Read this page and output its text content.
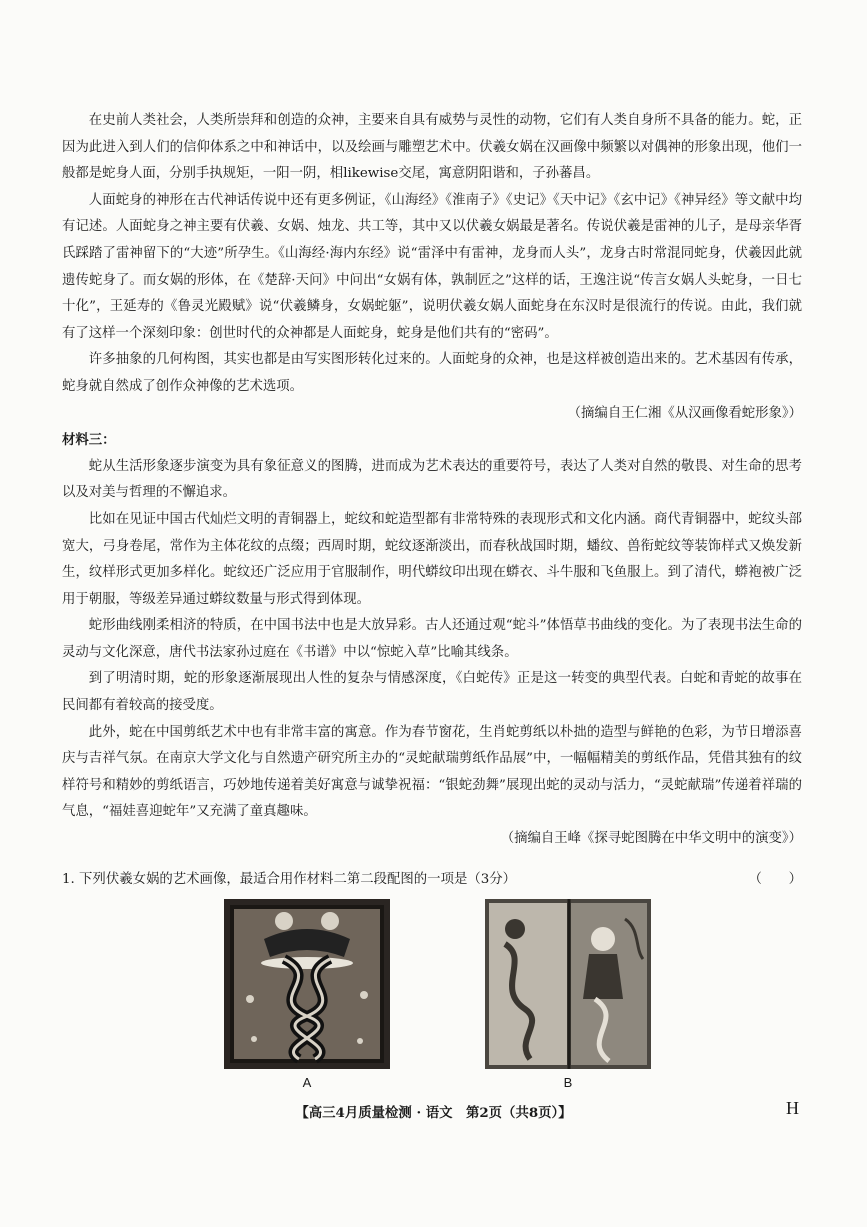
在史前人类社会，人类所崇拜和创造的众神，主要来自具有威势与灵性的动物，它们有人类自身所不具备的能力。蛇，正因为此进入到人们的信仰体系之中和神话中，以及绘画与雕塑艺术中。伏羲女娲在汉画像中频繁以对偶神的形象出现，他们一般都是蛇身人面，分别手执规矩，一阳一阴，相likewise交尾，寓意阴阳谐和，子孙蕃昌。

人面蛇身的神形在古代神话传说中还有更多例证，《山海经》《淮南子》《史记》《天中记》《玄中记》《神异经》等文献中均有记述。人面蛇身之神主要有伏羲、女娲、烛龙、共工等，其中又以伏羲女娲最是著名。传说伏羲是雷神的儿子，是母亲华胥氏踩踏了雷神留下的“大迹”所孕生。《山海经·海内东经》说“雷泽中有雷神，龙身而人头”，龙身古时常混同蛇身，伏羲因此就遗传蛇身了。而女娲的形体，在《楚辞·天问》中问出“女娲有体，孰制匠之”这样的话，王逸注说“传言女娲人头蛇身，一日七十化”，王延寿的《鲁灵光殿赋》说“伏羲鳞身，女娲蛇躯”，说明伏羲女娲人面蛇身在东汉时是很流行的传说。由此，我们就有了这样一个深刻印象：创世时代的众神都是人面蛇身，蛇身是他们共有的“密码”。

许多抽象的几何构图，其实也都是由写实图形转化过来的。人面蛇身的众神，也是这样被创造出来的。艺术基因有传承，蛇身就自然成了创作众神像的艺术选项。

（摘编自王仁湘《从汉画像看蛇形象》）

材料三：

蛇从生活形象逐步演变为具有象征意义的图腾，进而成为艺术表达的重要符号，表达了人类对自然的敬畏、对生命的思考以及对美与哲理的不懈追求。

比如在见证中国古代灿烂文明的青铜器上，蛇纹和蛇造型都有非常特殊的表现形式和文化内涵。商代青铜器中，蛇纹头部宽大，弓身卷尾，常作为主体花纹的点缀；西周时期，蛇纹逐渐淡出，而春秋战国时期，蟠纹、兽衔蛇纹等装饰样式又焕发新生，纹样形式更加多样化。蛇纹还广泛应用于官服制作，明代蟒纹印出现在蟒衣、斗牛服和飞鱼服上。到了清代，蟒袍被广泛用于朝服，等级差异通过蟒纹数量与形式得到体现。

蛇形曲线刚柔相济的特质，在中国书法中也是大放异彩。古人还通过观“蛇斗”体悟草书曲线的变化。为了表现书法生命的灵动与文化深意，唐代书法家孙过庭在《书谱》中以“惊蛇入草”比喻其线条。

到了明清时期，蛇的形象逐渐展现出人性的复杂与情感深度，《白蛇传》正是这一转变的典型代表。白蛇和青蛇的故事在民间都有着较高的接受度。

此外，蛇在中国剪纸艺术中也有非常丰富的寓意。作为春节窗花，生肖蛇剪纸以朴拙的造型与鲜艳的色彩，为节日增添喜庆与吉祥气氛。在南京大学文化与自然遗产研究所主办的“灵蛇献瑞剪纸作品展”中，一幅幅精美的剪纸作品，凭借其独有的纹样符号和精妙的剪纸语言，巧妙地传递着美好寓意与诚挚祝福：“银蛇劲舞”展现出蛇的灵动与活力，“灵蛇献瑞”传递着祥瑞的气息，“福娃喜迎蛇年”又充满了童真趣味。

（摘编自王峰《探寻蛇图腾在中华文明中的演变》）

1. 下列伏羲女娲的艺术画像，最适合用作材料二第二段配图的一项是（3分）	（　　）
A	B
【高三4月质量检测 · 语文　第2页（共8页）】	H
